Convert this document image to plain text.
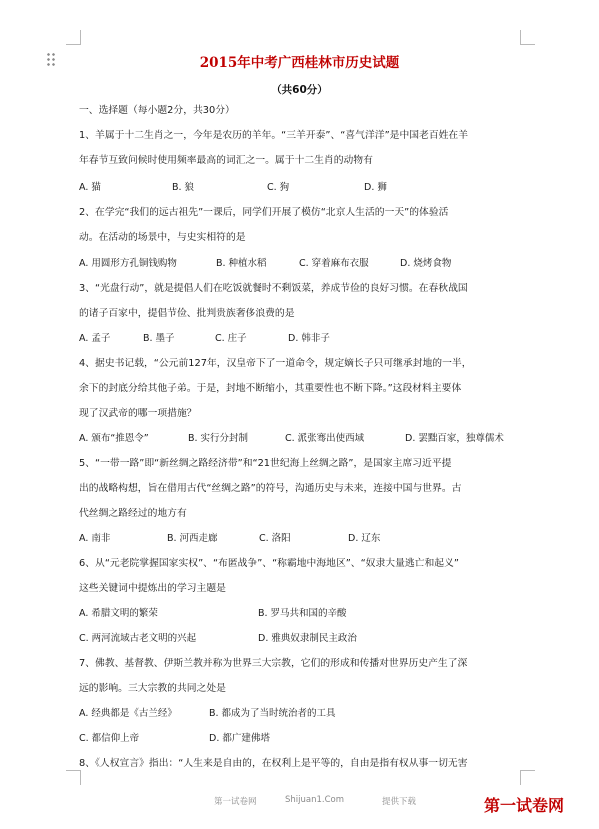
2015年中考广西桂林市历史试题
（共60分）
一、选择题（每小题2分，共30分）
1、羊属于十二生肖之一，今年是农历的羊年。“三羊开泰”、“喜气洋洋”是中国老百姓在羊
年春节互致问候时使用频率最高的词汇之一。属于十二生肖的动物有
A. 猫	B. 狼	C. 狗	D. 狮
2、在学完“我们的远古祖先”一课后，同学们开展了模仿“北京人生活的一天”的体验活
动。在活动的场景中，与史实相符的是
A. 用圆形方孔铜钱购物	B. 种植水稻	C. 穿着麻布衣服	D. 烧烤食物
3、“光盘行动”，就是提倡人们在吃饭就餐时不剩饭菜，养成节俭的良好习惯。在春秋战国
的诸子百家中，提倡节俭、批判贵族奢侈浪费的是
A. 孟子	B. 墨子	C. 庄子	D. 韩非子
4、据史书记载，“公元前127年，汉皇帝下了一道命令，规定嫡长子只可继承封地的一半，
余下的封底分给其他子弟。于是，封地不断缩小，其重要性也不断下降。”这段材料主要体
现了汉武帝的哪一项措施？
A. 颁布“推恩令”	B. 实行分封制	C. 派张骞出使西域	D. 罢黜百家，独尊儒术
5、“一带一路”即“新丝绸之路经济带”和“21世纪海上丝绸之路”，是国家主席习近平提
出的战略构想，旨在借用古代“丝绸之路”的符号，沟通历史与未来，连接中国与世界。古
代丝绸之路经过的地方有
A. 南非	B. 河西走廊	C. 洛阳	D. 辽东
6、从“元老院掌握国家实权”、“布匿战争”、“称霸地中海地区”、“奴隶大量逃亡和起义”
这些关键词中提炼出的学习主题是
A. 希腊文明的繁荣	B. 罗马共和国的辛酸
C. 两河流域古老文明的兴起	D. 雅典奴隶制民主政治
7、佛教、基督教、伊斯兰教并称为世界三大宗教，它们的形成和传播对世界历史产生了深
远的影响。三大宗教的共同之处是
A. 经典都是《古兰经》	B. 都成为了当时统治者的工具
C. 都信仰上帝	D. 都广建佛塔
8、《人权宣言》指出：“人生来是自由的，在权利上是平等的，自由是指有权从事一切无害
第一试卷网	Shijuan1.Com	提供下载	第一试卷网
